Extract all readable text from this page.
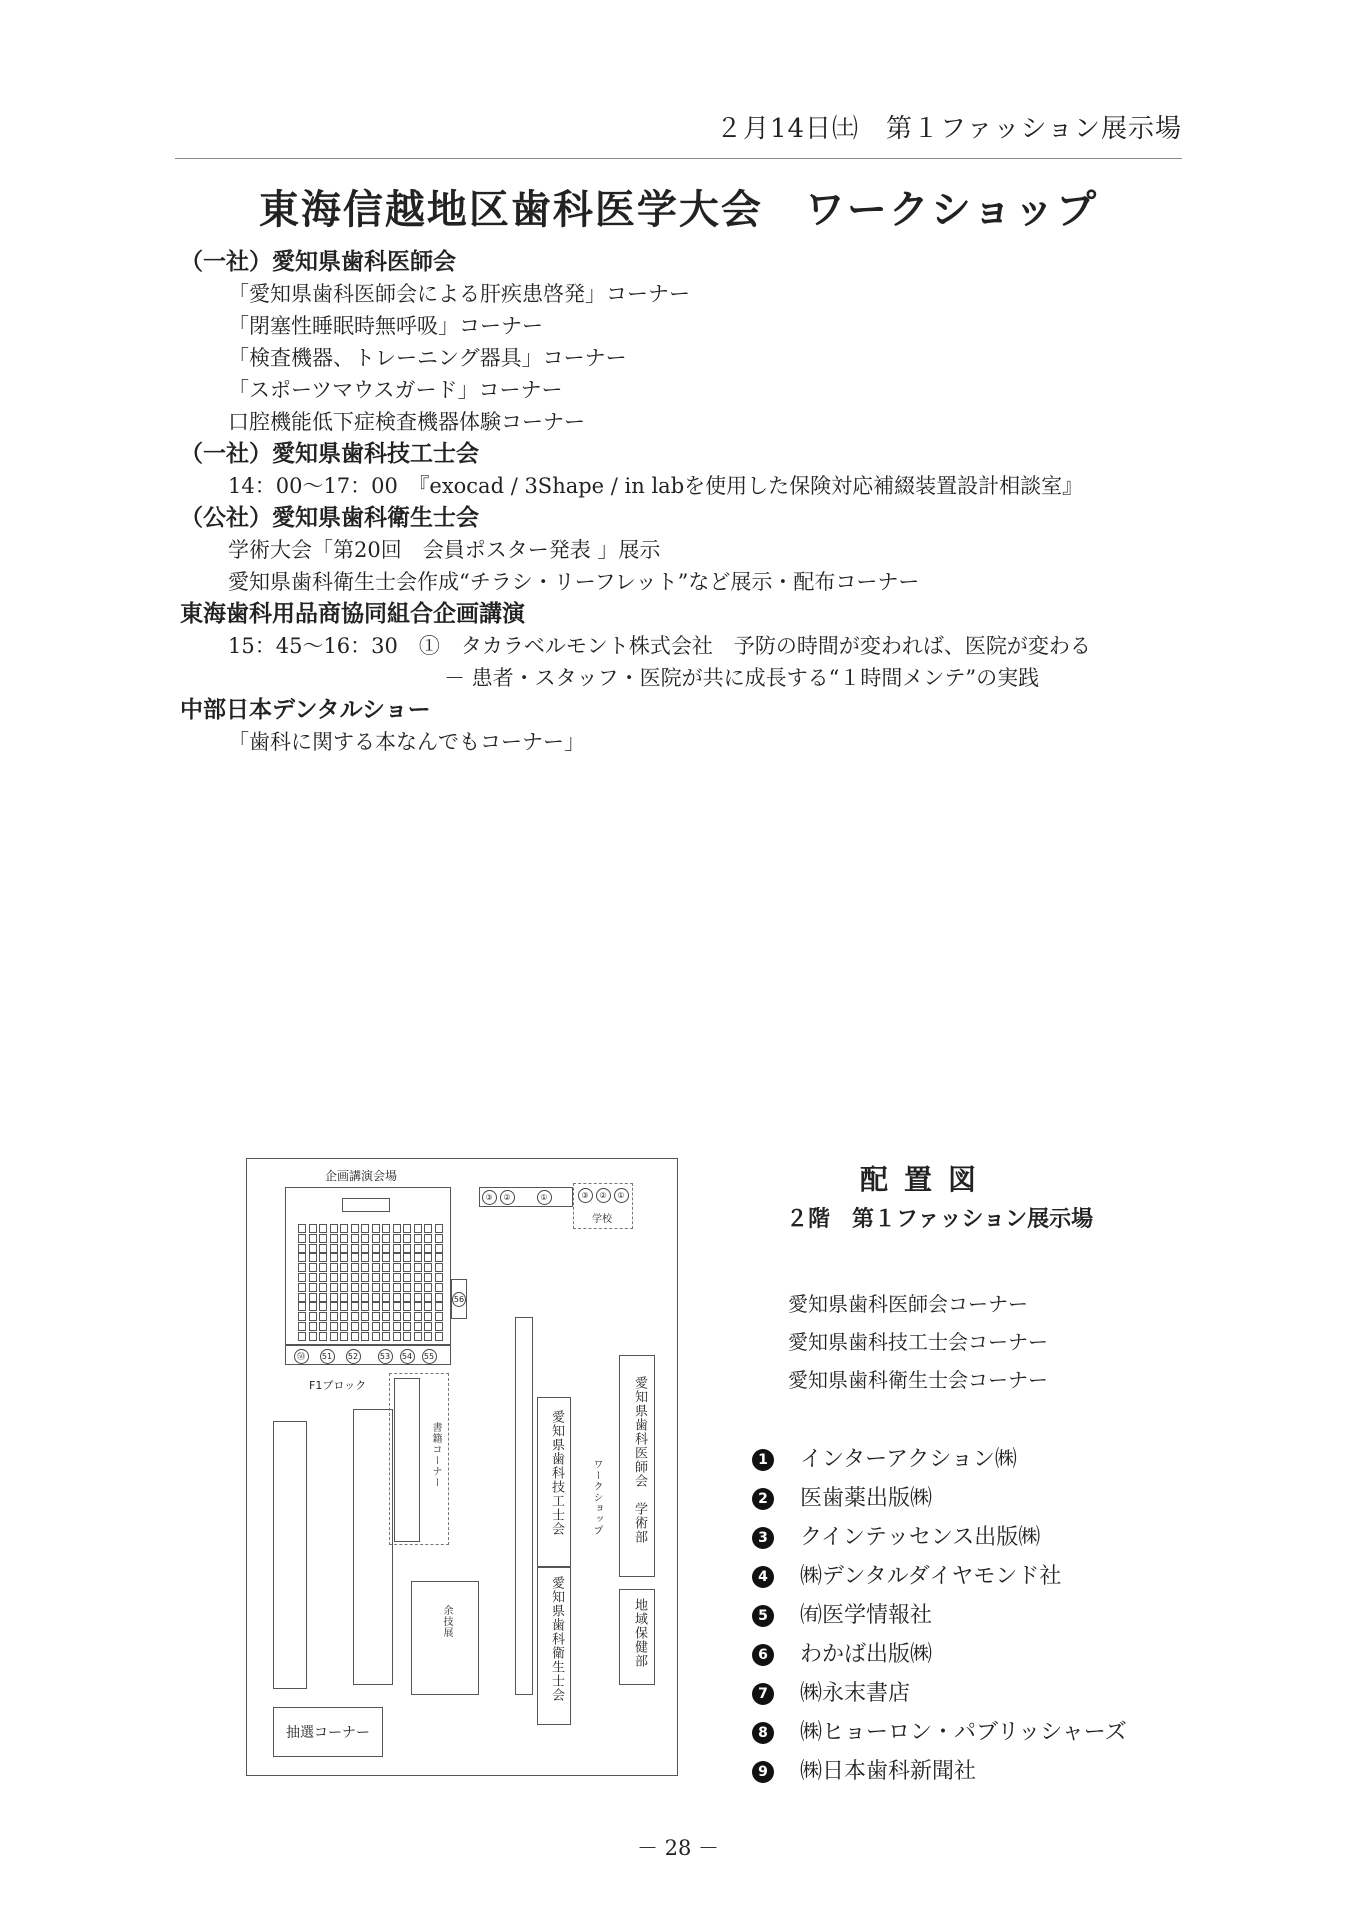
２月14日㈯　第１ファッション展示場
東海信越地区歯科医学大会　ワークショップ
（一社）愛知県歯科医師会
「愛知県歯科医師会による肝疾患啓発」コーナー
「閉塞性睡眠時無呼吸」コーナー
「検査機器、トレーニング器具」コーナー
「スポーツマウスガード」コーナー
口腔機能低下症検査機器体験コーナー
（一社）愛知県歯科技工士会
14：00～17：00　『exocad / 3Shape / in labを使用した保険対応補綴装置設計相談室』
（公社）愛知県歯科衛生士会
学術大会「第20回　会員ポスター発表 」展示
愛知県歯科衛生士会作成“チラシ・リーフレット”など展示・配布コーナー
東海歯科用品商協同組合企画講演
15：45～16：30　①　タカラベルモント株式会社　予防の時間が変われば、医院が変わる
－ 患者・スタッフ・医院が共に成長する“１時間メンテ”の実践
中部日本デンタルショー
「歯科に関する本なんでもコーナー」
企画講演会場
56
㊿	51	52	53	54	55
③	②	①	③	②	①
学校
F1ブロック
書籍コーナー
余技展
愛知県歯科技工士会
愛知県歯科衛生士会
ワークショップ 愛知県歯科医師会　学術部
地域保健部
抽選コーナー
配置図
２階　第１ファッション展示場
愛知県歯科医師会コーナー
愛知県歯科技工士会コーナー
愛知県歯科衛生士会コーナー
1 インターアクション㈱
2 医歯薬出版㈱
3 クインテッセンス出版㈱
4 ㈱デンタルダイヤモンド社
5 ㈲医学情報社
6 わかば出版㈱
7 ㈱永末書店
8 ㈱ヒョーロン・パブリッシャーズ
9 ㈱日本歯科新聞社
－ 28 －
